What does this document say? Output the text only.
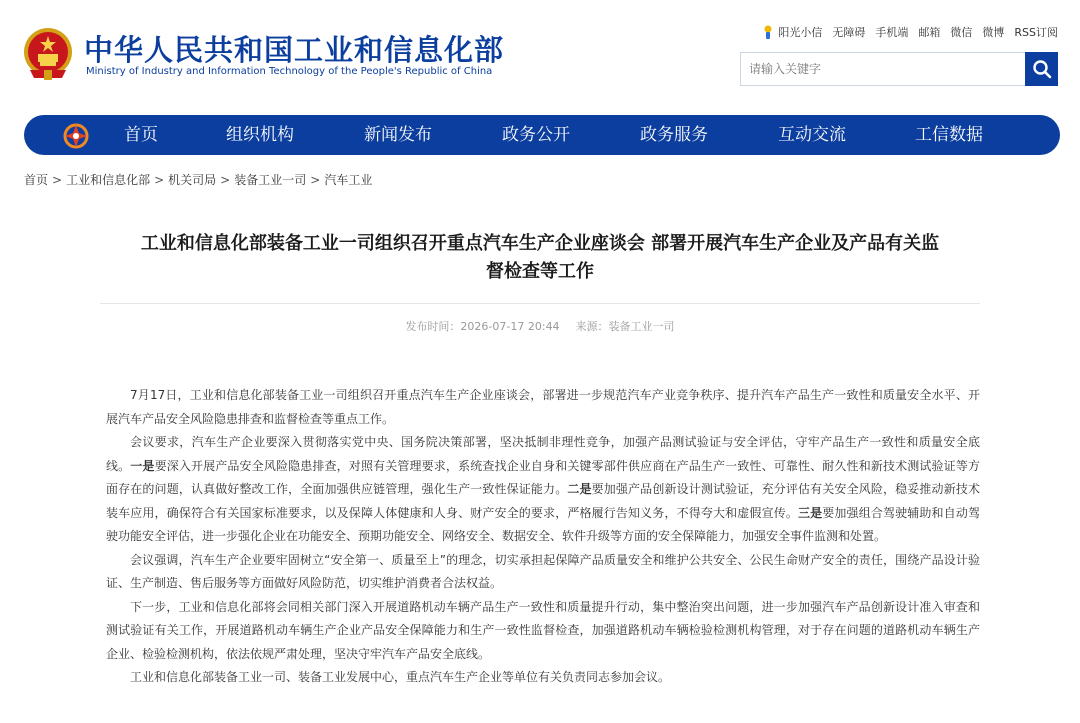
中华人民共和国工业和信息化部
Ministry of Industry and Information Technology of the People's Republic of China
阳光小信 无障碍 手机端 邮箱 微信 微博 RSS订阅
请输入关键字
首页	组织机构	新闻发布	政务公开	政务服务	互动交流	工信数据
首页 > 工业和信息化部 > 机关司局 > 装备工业一司 > 汽车工业
工业和信息化部装备工业一司组织召开重点汽车生产企业座谈会 部署开展汽车生产企业及产品有关监
督检查等工作
发布时间：2026-07-17 20:44 来源：装备工业一司

7月17日，工业和信息化部装备工业一司组织召开重点汽车生产企业座谈会，部署进一步规范汽车产业竞争秩序、提升汽车产品生产一致性和质量安全水平、开展汽车产品安全风险隐患排查和监督检查等重点工作。

会议要求，汽车生产企业要深入贯彻落实党中央、国务院决策部署，坚决抵制非理性竞争，加强产品测试验证与安全评估，守牢产品生产一致性和质量安全底线。一是要深入开展产品安全风险隐患排查，对照有关管理要求，系统查找企业自身和关键零部件供应商在产品生产一致性、可靠性、耐久性和新技术测试验证等方面存在的问题，认真做好整改工作，全面加强供应链管理，强化生产一致性保证能力。二是要加强产品创新设计测试验证，充分评估有关安全风险，稳妥推动新技术装车应用，确保符合有关国家标准要求，以及保障人体健康和人身、财产安全的要求，严格履行告知义务，不得夸大和虚假宣传。三是要加强组合驾驶辅助和自动驾驶功能安全评估，进一步强化企业在功能安全、预期功能安全、网络安全、数据安全、软件升级等方面的安全保障能力，加强安全事件监测和处置。

会议强调，汽车生产企业要牢固树立“安全第一、质量至上”的理念，切实承担起保障产品质量安全和维护公共安全、公民生命财产安全的责任，围绕产品设计验证、生产制造、售后服务等方面做好风险防范，切实维护消费者合法权益。

下一步，工业和信息化部将会同相关部门深入开展道路机动车辆产品生产一致性和质量提升行动，集中整治突出问题，进一步加强汽车产品创新设计准入审查和测试验证有关工作，开展道路机动车辆生产企业产品安全保障能力和生产一致性监督检查，加强道路机动车辆检验检测机构管理，对于存在问题的道路机动车辆生产企业、检验检测机构，依法依规严肃处理，坚决守牢汽车产品安全底线。

工业和信息化部装备工业一司、装备工业发展中心，重点汽车生产企业等单位有关负责同志参加会议。
